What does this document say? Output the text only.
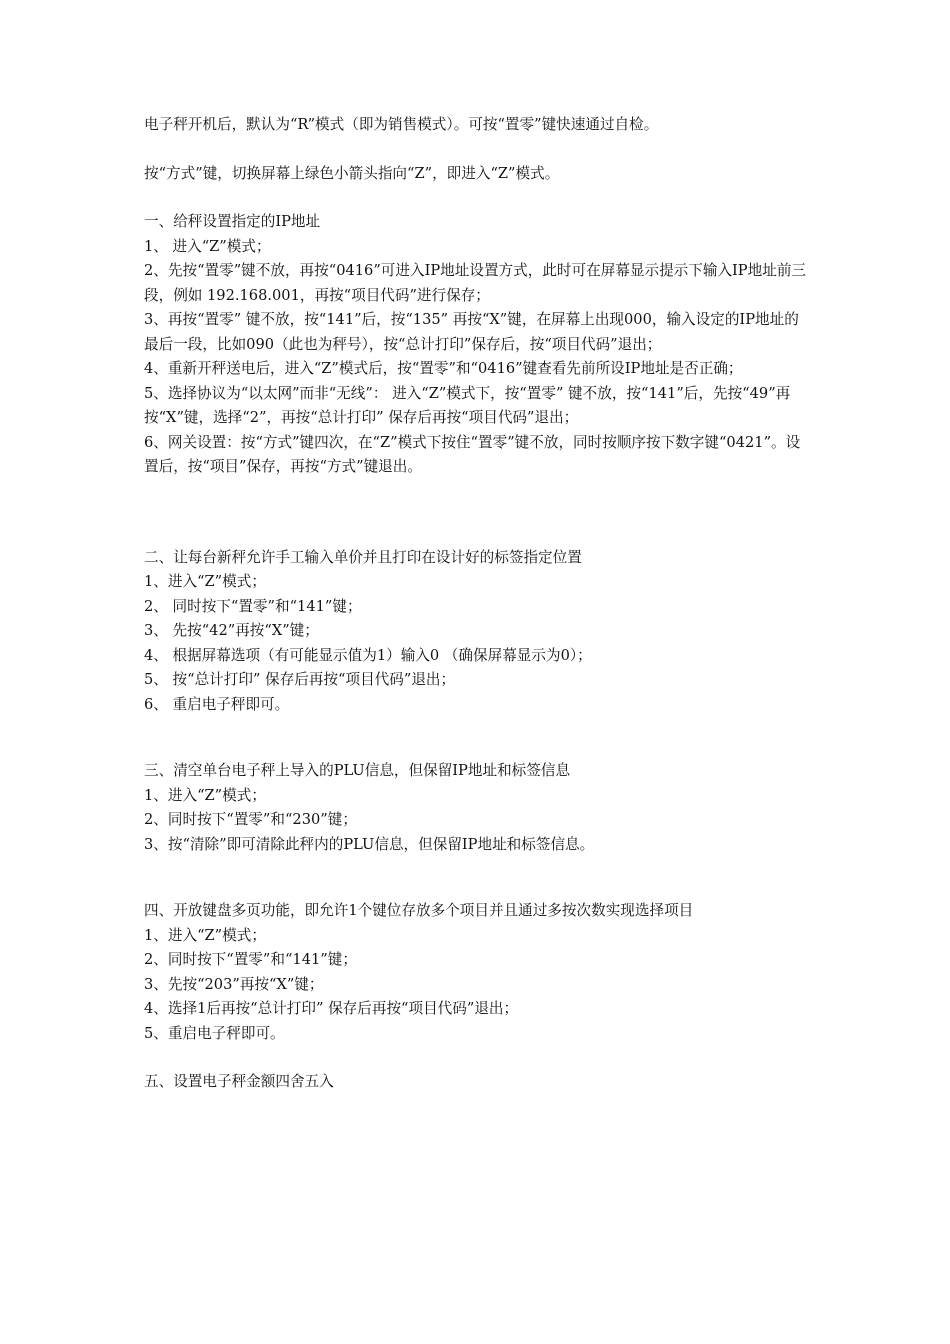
电子秤开机后，默认为“R”模式（即为销售模式）。可按“置零”键快速通过自检。

按“方式”键，切换屏幕上绿色小箭头指向“Z”，即进入“Z”模式。

一、给秤设置指定的IP地址

1、 进入“Z”模式；

2、先按“置零”键不放，再按“0416”可进入IP地址设置方式，此时可在屏幕显示提示下输入IP地址前三段，例如 192.168.001，再按“项目代码”进行保存；

3、再按“置零” 键不放，按“141”后，按“135” 再按“X”键，在屏幕上出现000，输入设定的IP地址的最后一段，比如090（此也为秤号），按“总计打印”保存后，按“项目代码”退出；

4、重新开秤送电后，进入“Z”模式后，按“置零”和“0416”键查看先前所设IP地址是否正确；

5、选择协议为“以太网”而非“无线”： 进入“Z”模式下，按“置零” 键不放，按“141”后，先按“49”再按“X”键，选择“2”，再按“总计打印” 保存后再按“项目代码”退出；

6、网关设置：按“方式”键四次，在“Z”模式下按住“置零”键不放，同时按顺序按下数字键“0421”。设置后，按“项目”保存，再按“方式”键退出。

二、让每台新秤允许手工输入单价并且打印在设计好的标签指定位置

1、进入“Z”模式；

2、 同时按下“置零”和“141”键；

3、 先按“42”再按“X”键；

4、 根据屏幕选项（有可能显示值为1）输入0 （确保屏幕显示为0）；

5、 按“总计打印” 保存后再按“项目代码”退出；

6、 重启电子秤即可。

三、清空单台电子秤上导入的PLU信息，但保留IP地址和标签信息

1、进入“Z”模式；

2、同时按下“置零”和“230”键；

3、按“清除”即可清除此秤内的PLU信息，但保留IP地址和标签信息。

四、开放键盘多页功能，即允许1个键位存放多个项目并且通过多按次数实现选择项目

1、进入“Z”模式；

2、同时按下“置零”和“141”键；

3、先按“203”再按“X”键；

4、选择1后再按“总计打印” 保存后再按“项目代码”退出；

5、重启电子秤即可。

五、设置电子秤金额四舍五入
